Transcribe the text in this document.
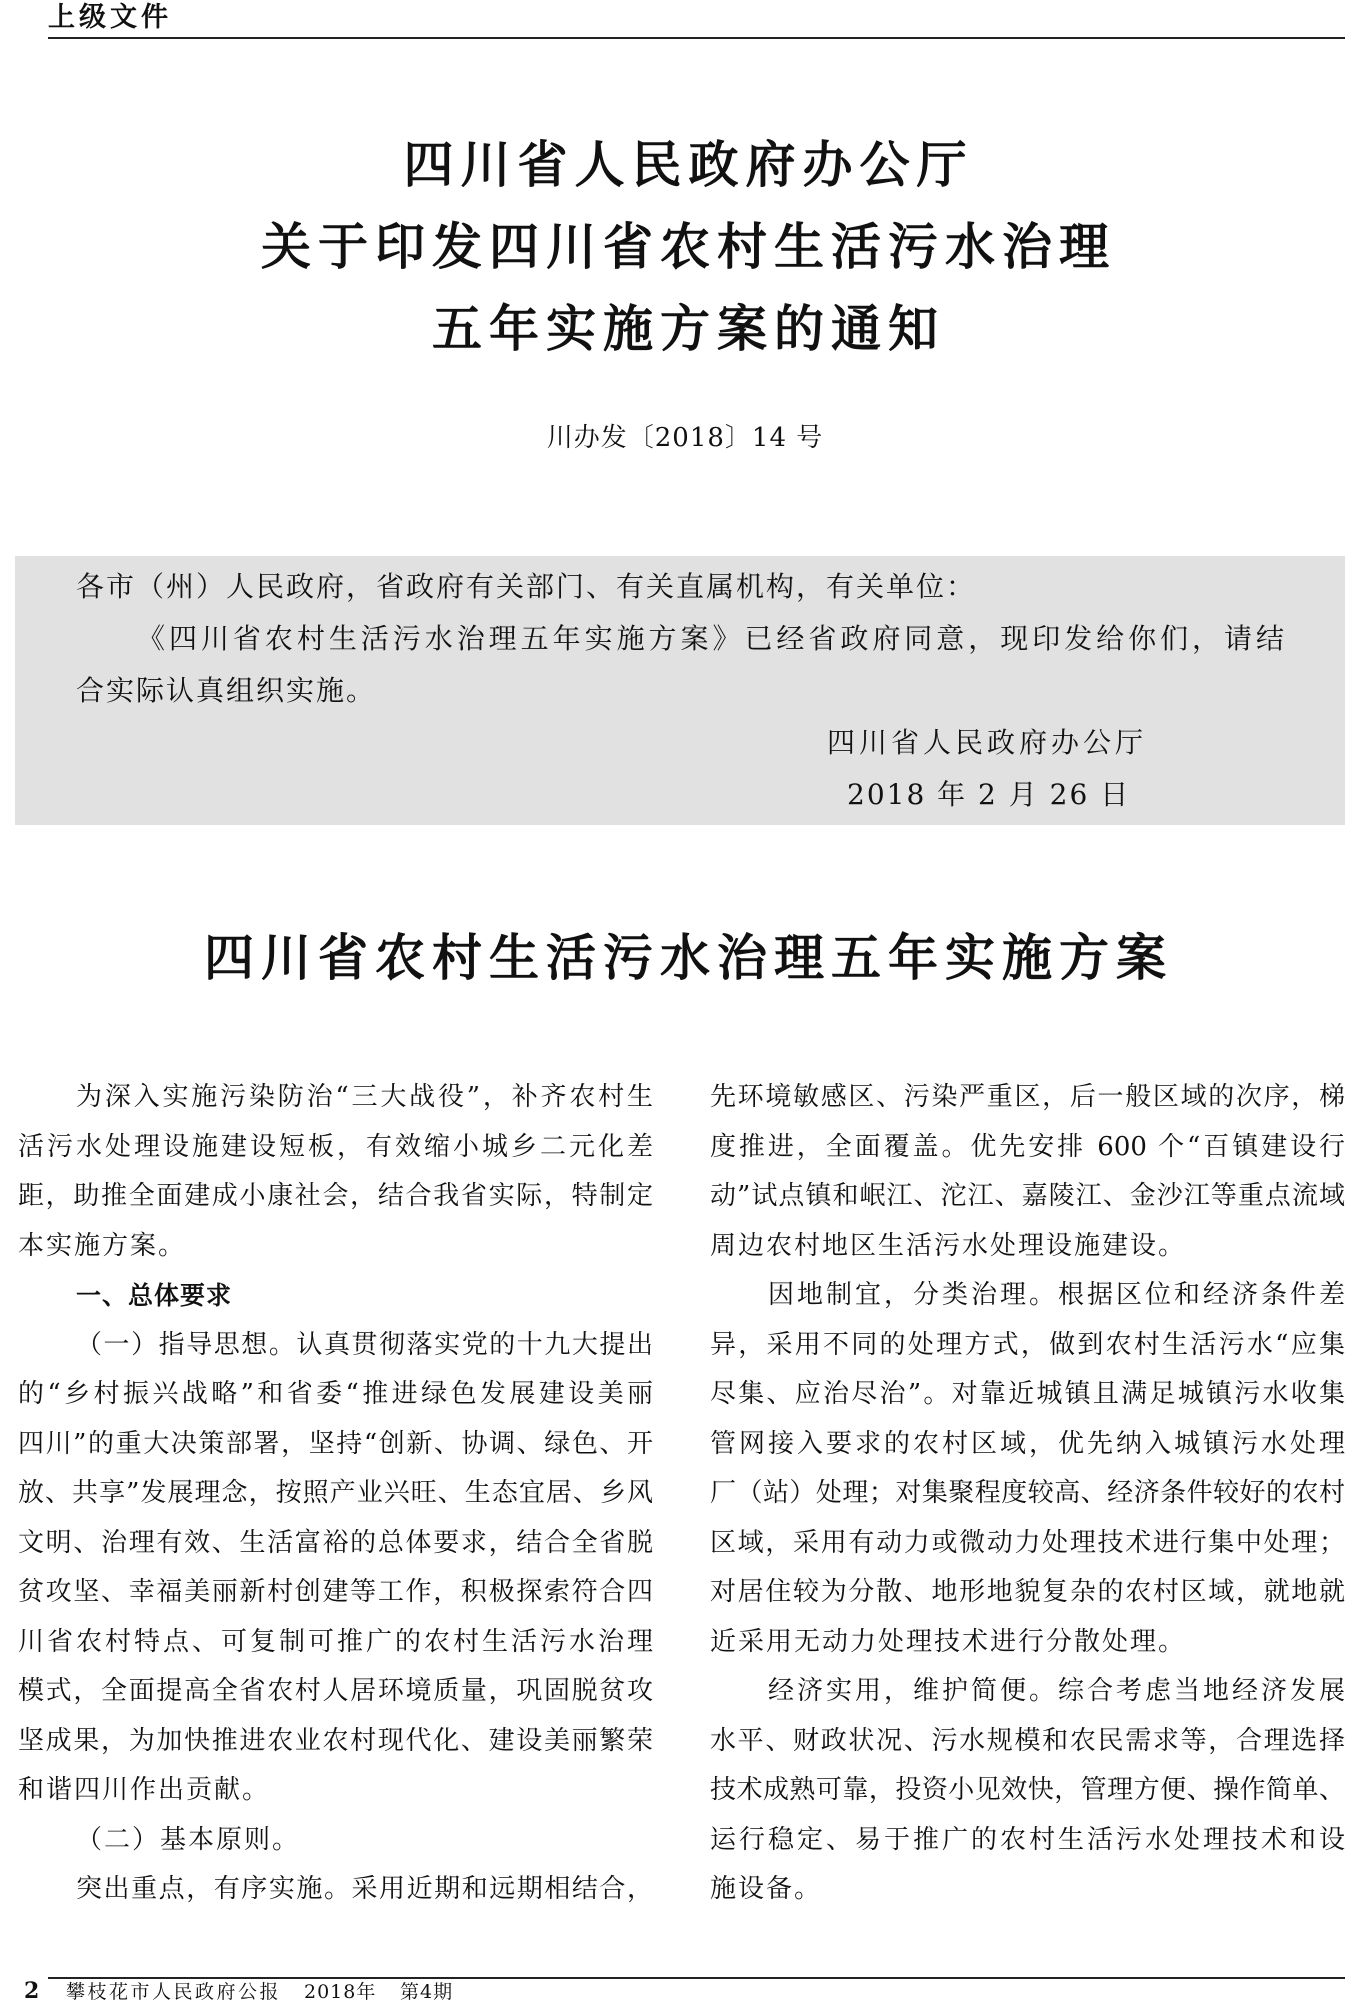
上级文件
四川省人民政府办公厅
关于印发四川省农村生活污水治理
五年实施方案的通知
川办发〔2018〕14 号
各市（州）人民政府，省政府有关部门、有关直属机构，有关单位：
《四川省农村生活污水治理五年实施方案》已经省政府同意，现印发给你们，请结
合实际认真组织实施。
四川省人民政府办公厅
2018 年 2 月 26 日
四川省农村生活污水治理五年实施方案
为深入实施污染防治“三大战役”，补齐农村生
活污水处理设施建设短板，有效缩小城乡二元化差
距，助推全面建成小康社会，结合我省实际，特制定
本实施方案。
一、总体要求
（一）指导思想。认真贯彻落实党的十九大提出
的“乡村振兴战略”和省委“推进绿色发展建设美丽
四川”的重大决策部署，坚持“创新、协调、绿色、开
放、共享”发展理念，按照产业兴旺、生态宜居、乡风
文明、治理有效、生活富裕的总体要求，结合全省脱
贫攻坚、幸福美丽新村创建等工作，积极探索符合四
川省农村特点、可复制可推广的农村生活污水治理
模式，全面提高全省农村人居环境质量，巩固脱贫攻
坚成果，为加快推进农业农村现代化、建设美丽繁荣
和谐四川作出贡献。
（二）基本原则。
突出重点，有序实施。采用近期和远期相结合，
先环境敏感区、污染严重区，后一般区域的次序，梯
度推进，全面覆盖。优先安排 600 个“百镇建设行
动”试点镇和岷江、沱江、嘉陵江、金沙江等重点流域
周边农村地区生活污水处理设施建设。
因地制宜，分类治理。根据区位和经济条件差
异，采用不同的处理方式，做到农村生活污水“应集
尽集、应治尽治”。对靠近城镇且满足城镇污水收集
管网接入要求的农村区域，优先纳入城镇污水处理
厂（站）处理；对集聚程度较高、经济条件较好的农村
区域，采用有动力或微动力处理技术进行集中处理；
对居住较为分散、地形地貌复杂的农村区域，就地就
近采用无动力处理技术进行分散处理。
经济实用，维护简便。综合考虑当地经济发展
水平、财政状况、污水规模和农民需求等，合理选择
技术成熟可靠，投资小见效快，管理方便、操作简单、
运行稳定、易于推广的农村生活污水处理技术和设
施设备。
2 攀枝花市人民政府公报 2018年 第4期
